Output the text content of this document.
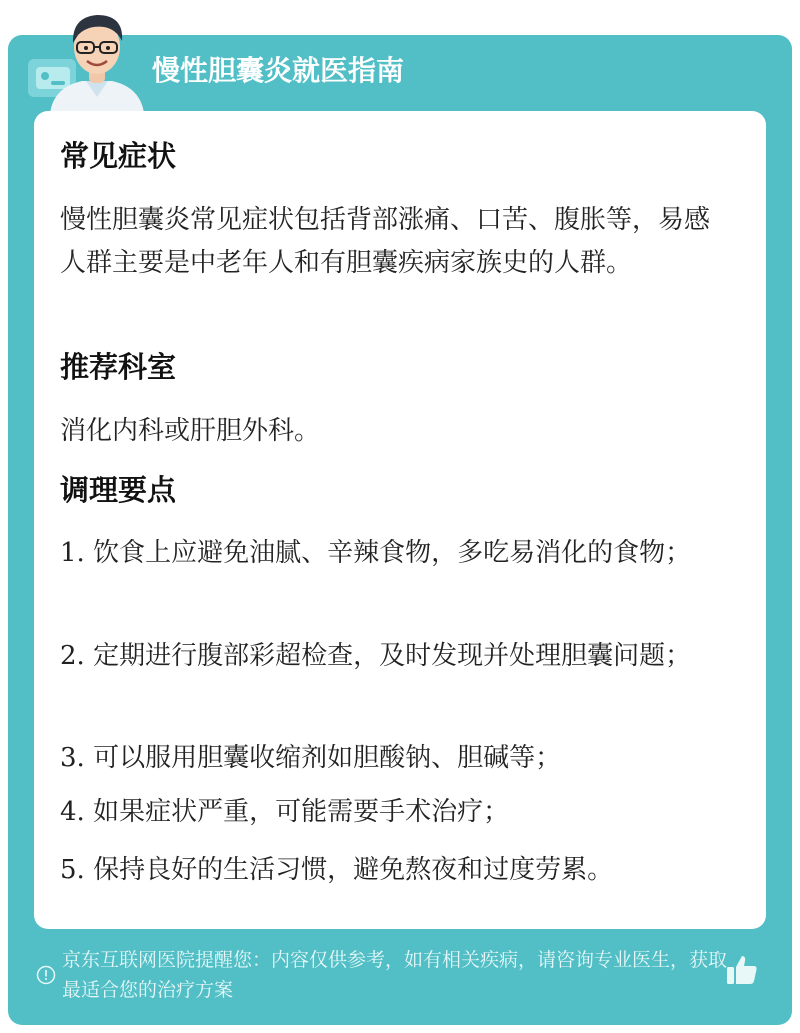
慢性胆囊炎就医指南
常见症状
慢性胆囊炎常见症状包括背部涨痛、口苦、腹胀等，易感人群主要是中老年人和有胆囊疾病家族史的人群。
推荐科室
消化内科或肝胆外科。
调理要点
1. 饮食上应避免油腻、辛辣食物，多吃易消化的食物；
2. 定期进行腹部彩超检查，及时发现并处理胆囊问题；
3. 可以服用胆囊收缩剂如胆酸钠、胆碱等；
4. 如果症状严重，可能需要手术治疗；
5. 保持良好的生活习惯，避免熬夜和过度劳累。
京东互联网医院提醒您：内容仅供参考，如有相关疾病，请咨询专业医生，获取最适合您的治疗方案
